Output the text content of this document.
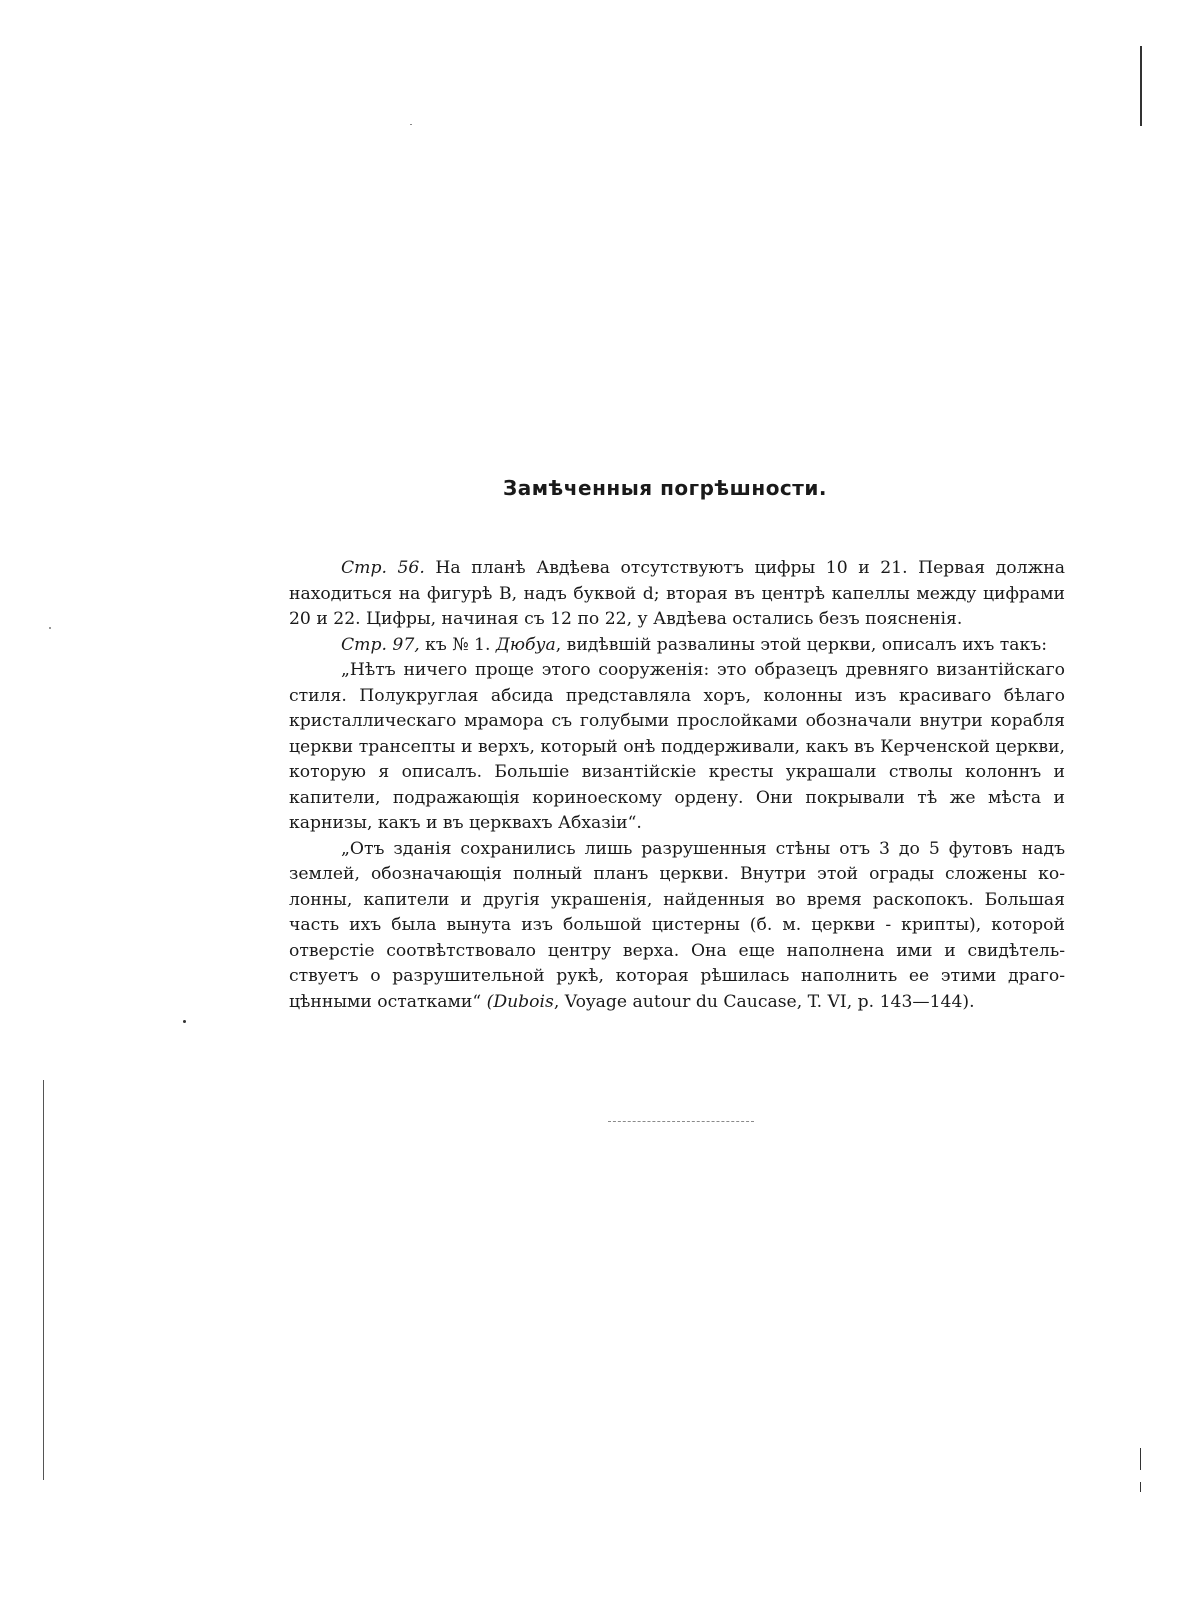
Замѣченныя погрѣшности.

Стр. 56. На планѣ Авдѣева отсутствуютъ цифры 10 и 21. Первая должна находиться на фигурѣ B, надъ буквой d; вторая въ центрѣ капеллы между цифрами 20 и 22. Цифры, начиная съ 12 по 22, у Авдѣева остались безъ поясненія.

Стр. 97, къ № 1. Дюбуа, видѣвшій развалины этой церкви, описалъ ихъ такъ:

„Нѣтъ ничего проще этого сооруженія: это образецъ древняго византійскаго стиля. Полукруглая абсида представляла хоръ, колонны изъ красиваго бѣлаго кристаллическаго мрамора съ голубыми прослойками обозначали внутри корабля церкви трансепты и верхъ, который онѣ поддерживали, какъ въ Керченской церкви, которую я описалъ. Большіе византійскіе кресты украшали стволы колоннъ и капители, подражающія кориноескому ордену. Они покрывали тѣ же мѣста и карнизы, какъ и въ церквахъ Абхазіи“.

„Отъ зданія сохранились лишь разрушенныя стѣны отъ 3 до 5 футовъ надъ землей, обозначающія полный планъ церкви. Внутри этой ограды сложены колонны, капители и другія украшенія, найденныя во время раскопокъ. Большая часть ихъ была вынута изъ большой цистерны (б. м. церкви - крипты), которой отверстіе соотвѣтствовало центру верха. Она еще наполнена ими и свидѣтельствуетъ о разрушительной рукѣ, которая рѣшилась наполнить ее этими драгоцѣнными остатками“ (Dubois, Voyage autour du Caucase, T. VI, p. 143—144).
